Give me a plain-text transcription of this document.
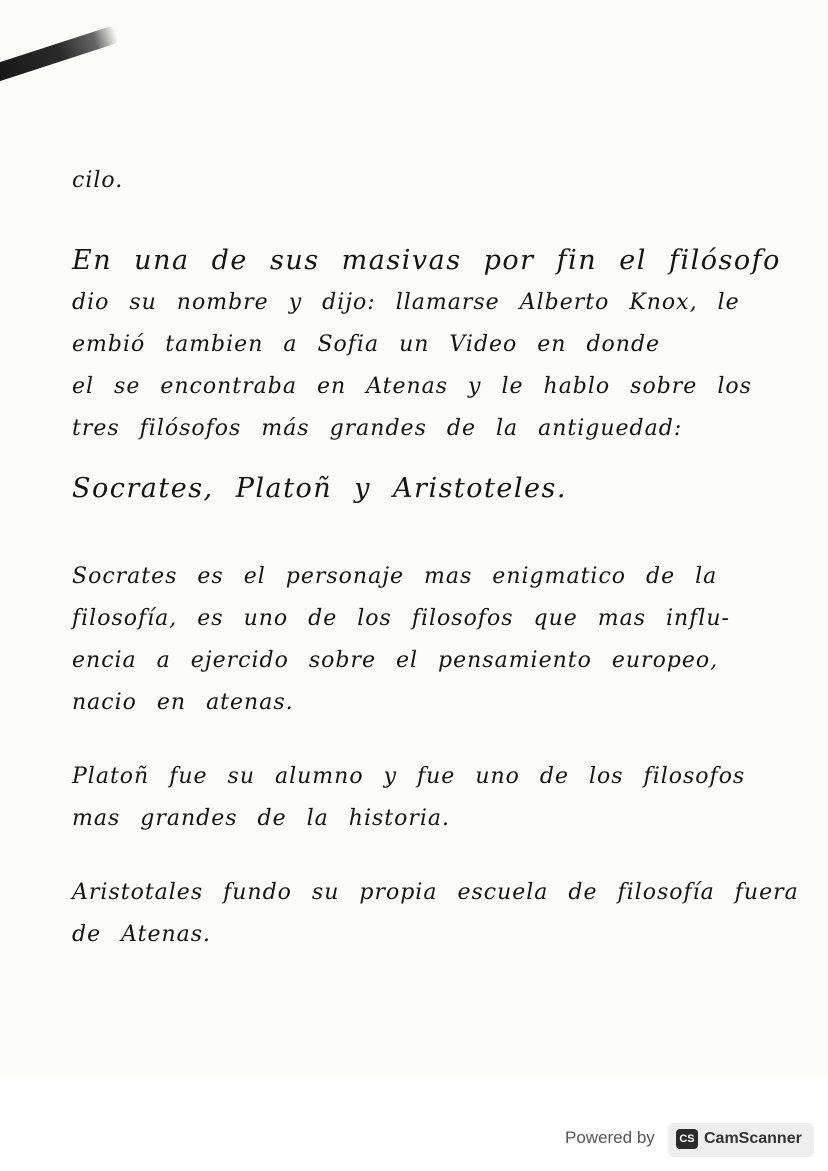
cilo.
En una de sus masivas por fin el filósofo
dio su nombre y dijo: llamarse Alberto Knox, le
embió tambien a Sofia un Video en donde
el se encontraba en Atenas y le hablo sobre los
tres filósofos más grandes de la antiguedad:
Socrates, Platoñ y Aristoteles.
Socrates es el personaje mas enigmatico de la
filosofía, es uno de los filosofos que mas influ-
encia a ejercido sobre el pensamiento europeo,
nacio en atenas.
Platoñ fue su alumno y fue uno de los filosofos
mas grandes de la historia.
Aristotales fundo su propia escuela de filosofía fuera
de Atenas.
Powered by	CS CamScanner
